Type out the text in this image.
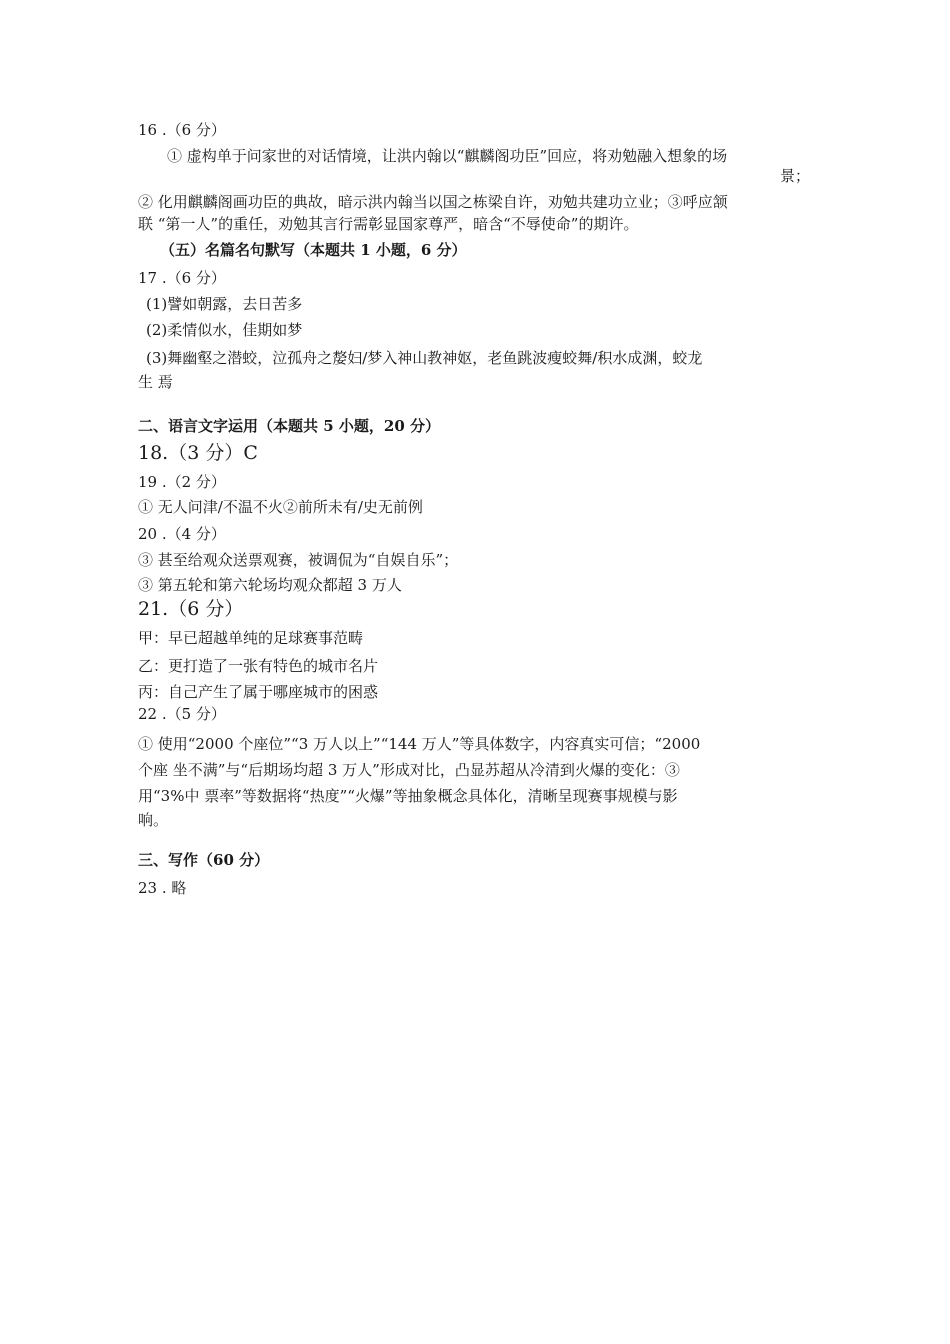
16 .（6 分）
① 虚构单于问家世的对话情境，让洪内翰以“麒麟阁功臣”回应，将劝勉融入想象的场
景；
② 化用麒麟阁画功臣的典故，暗示洪内翰当以国之栋梁自许，劝勉共建功立业；③呼应颔
联 “第一人”的重任，劝勉其言行需彰显国家尊严，暗含“不辱使命”的期许。
（五）名篇名句默写（本题共 1 小题，6 分）
17 .（6 分）
(1)譬如朝露，去日苦多
(2)柔情似水，佳期如梦
(3)舞幽壑之潜蛟，泣孤舟之嫠妇/梦入神山教神妪，老鱼跳波瘦蛟舞/积水成渊，蛟龙
生 焉
二、语言文字运用（本题共 5 小题，20 分）
18.（3 分）C
19 .（2 分）
① 无人问津/不温不火②前所未有/史无前例
20 .（4 分）
③ 甚至给观众送票观赛，被调侃为“自娱自乐”；
③ 第五轮和第六轮场均观众都超 3 万人
21.（6 分）
甲：早已超越单纯的足球赛事范畴
乙：更打造了一张有特色的城市名片
丙：自己产生了属于哪座城市的困惑
22 .（5 分）
① 使用“2000 个座位”“3 万人以上”“144 万人”等具体数字，内容真实可信；“2000
个座 坐不满”与“后期场均超 3 万人”形成对比，凸显苏超从冷清到火爆的变化：③
用“3%中 票率”等数据将“热度”“火爆”等抽象概念具体化，清晰呈现赛事规模与影
响。
三、写作（60 分）
23 . 略
